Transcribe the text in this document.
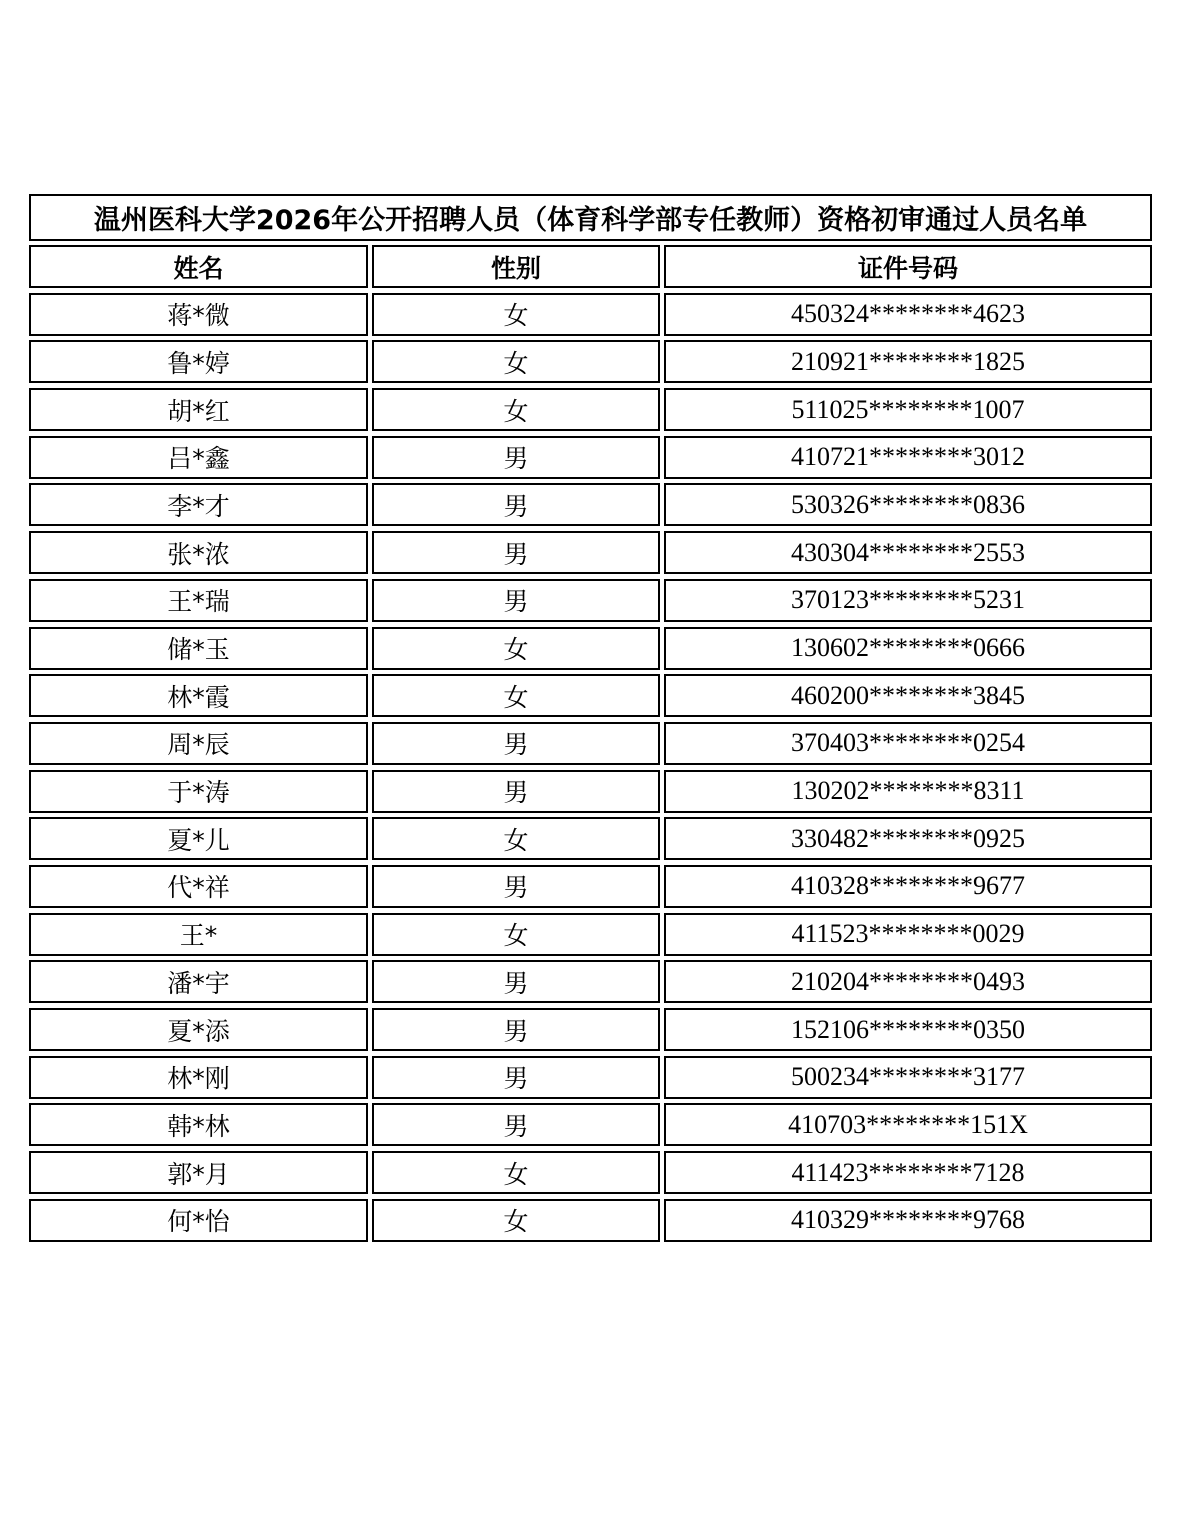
温州医科大学2026年公开招聘人员（体育科学部专任教师）资格初审通过人员名单
姓名	性别	证件号码
蒋*微	女	450324********4623
鲁*婷	女	210921********1825
胡*红	女	511025********1007
吕*鑫	男	410721********3012
李*才	男	530326********0836
张*浓	男	430304********2553
王*瑞	男	370123********5231
储*玉	女	130602********0666
林*霞	女	460200********3845
周*辰	男	370403********0254
于*涛	男	130202********8311
夏*儿	女	330482********0925
代*祥	男	410328********9677
王*	女	411523********0029
潘*宇	男	210204********0493
夏*添	男	152106********0350
林*刚	男	500234********3177
韩*林	男	410703********151X
郭*月	女	411423********7128
何*怡	女	410329********9768
